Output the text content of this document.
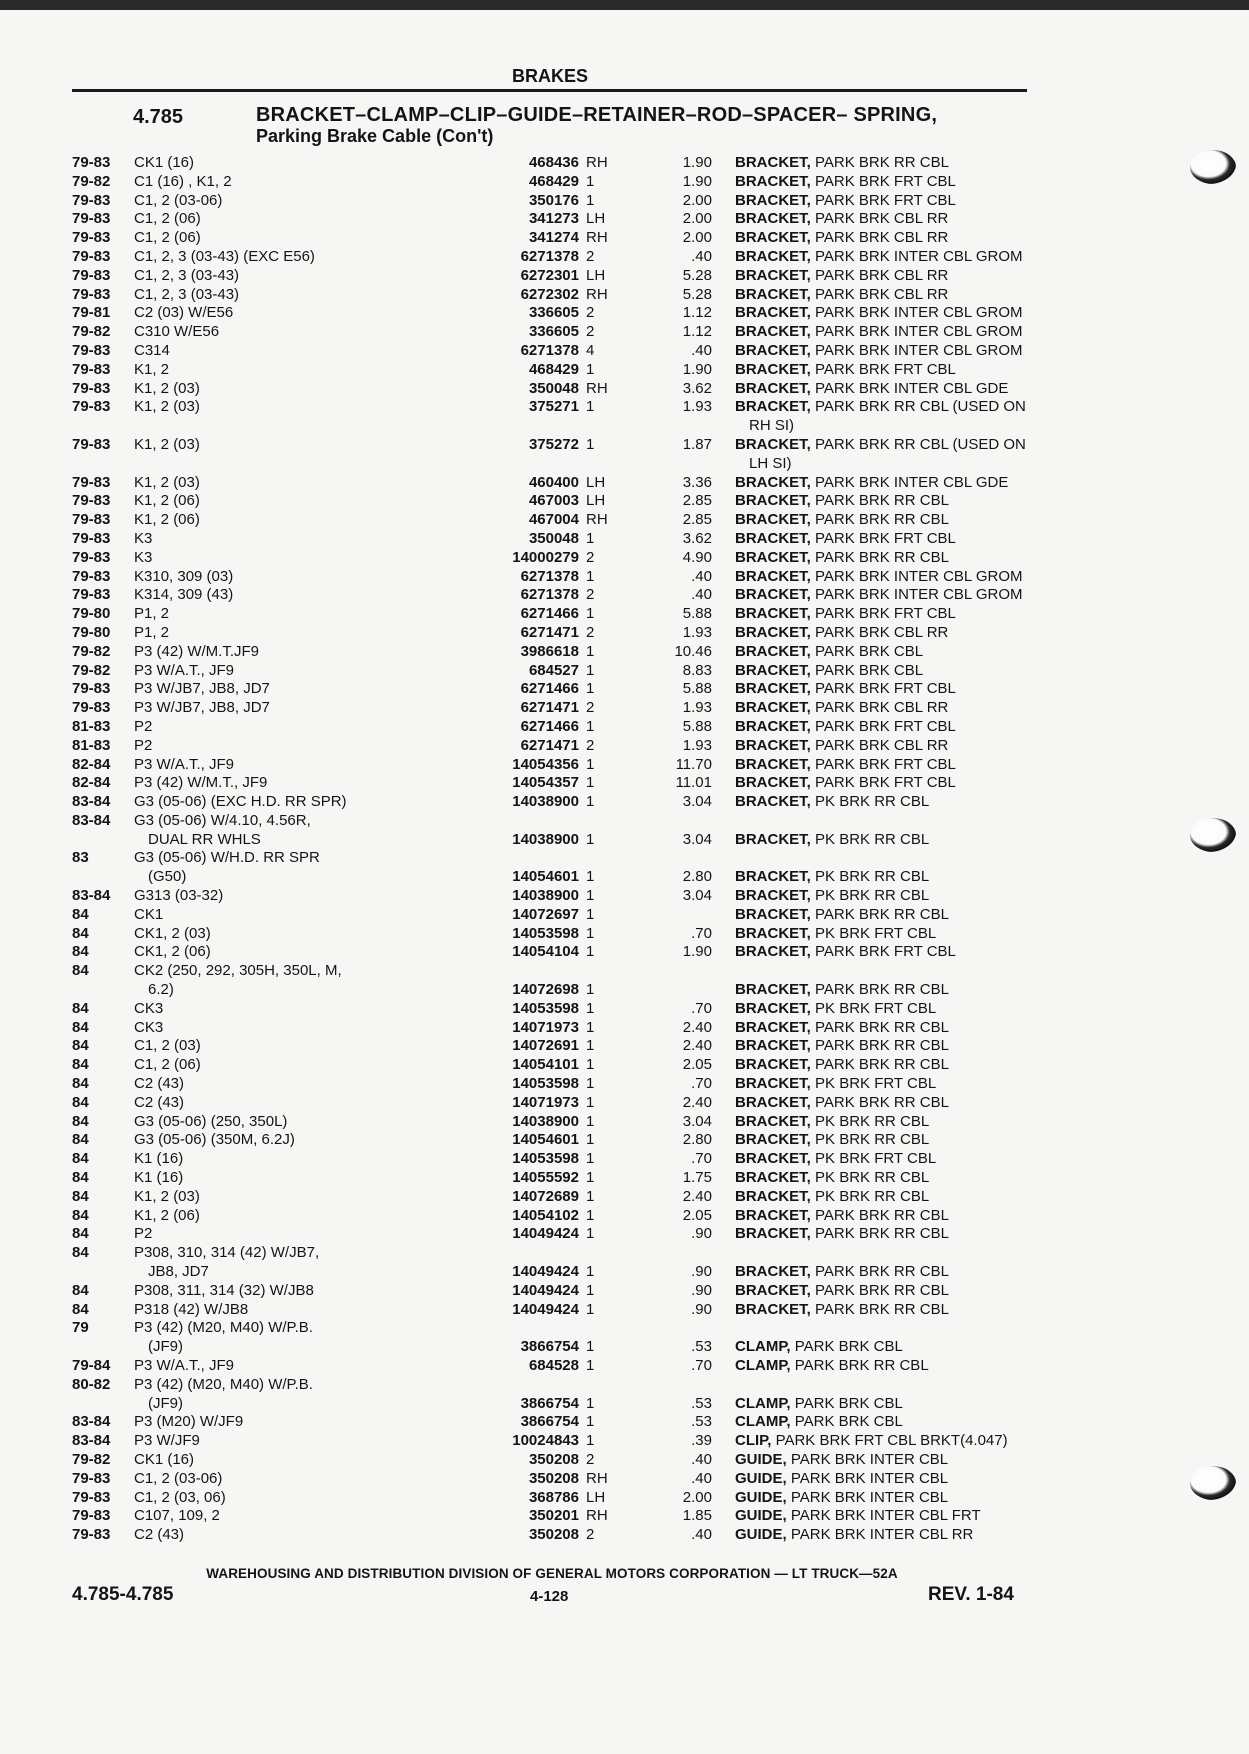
BRAKES
4.785	BRACKET–CLAMP–CLIP–GUIDE–RETAINER–ROD–SPACER– SPRING,
Parking Brake Cable (Con't)
79-83	CK1 (16)	468436 RH	1.90 BRACKET, PARK BRK RR CBL
79-82	C1 (16) , K1, 2	468429 1	1.90 BRACKET, PARK BRK FRT CBL
79-83	C1, 2 (03-06)	350176 1	2.00 BRACKET, PARK BRK FRT CBL
79-83	C1, 2 (06)	341273 LH	2.00 BRACKET, PARK BRK CBL RR
79-83	C1, 2 (06)	341274 RH	2.00 BRACKET, PARK BRK CBL RR
79-83	C1, 2, 3 (03-43) (EXC E56)	6271378 2	.40 BRACKET, PARK BRK INTER CBL GROM
79-83	C1, 2, 3 (03-43)	6272301 LH	5.28 BRACKET, PARK BRK CBL RR
79-83	C1, 2, 3 (03-43)	6272302 RH	5.28 BRACKET, PARK BRK CBL RR
79-81	C2 (03) W/E56	336605 2	1.12 BRACKET, PARK BRK INTER CBL GROM
79-82	C310 W/E56	336605 2	1.12 BRACKET, PARK BRK INTER CBL GROM
79-83	C314	6271378 4	.40 BRACKET, PARK BRK INTER CBL GROM
79-83	K1, 2	468429 1	1.90 BRACKET, PARK BRK FRT CBL
79-83	K1, 2 (03)	350048 RH	3.62 BRACKET, PARK BRK INTER CBL GDE
79-83	K1, 2 (03)	375271 1	1.93 BRACKET, PARK BRK RR CBL (USED ON
RH SI)
79-83	K1, 2 (03)	375272 1	1.87 BRACKET, PARK BRK RR CBL (USED ON
LH SI)
79-83	K1, 2 (03)	460400 LH	3.36 BRACKET, PARK BRK INTER CBL GDE
79-83	K1, 2 (06)	467003 LH	2.85 BRACKET, PARK BRK RR CBL
79-83	K1, 2 (06)	467004 RH	2.85 BRACKET, PARK BRK RR CBL
79-83	K3	350048 1	3.62 BRACKET, PARK BRK FRT CBL
79-83	K3	14000279 2	4.90 BRACKET, PARK BRK RR CBL
79-83	K310, 309 (03)	6271378 1	.40 BRACKET, PARK BRK INTER CBL GROM
79-83	K314, 309 (43)	6271378 2	.40 BRACKET, PARK BRK INTER CBL GROM
79-80	P1, 2	6271466 1	5.88 BRACKET, PARK BRK FRT CBL
79-80	P1, 2	6271471 2	1.93 BRACKET, PARK BRK CBL RR
79-82	P3 (42) W/M.T.JF9	3986618 1	10.46 BRACKET, PARK BRK CBL
79-82	P3 W/A.T., JF9	684527 1	8.83 BRACKET, PARK BRK CBL
79-83	P3 W/JB7, JB8, JD7	6271466 1	5.88 BRACKET, PARK BRK FRT CBL
79-83	P3 W/JB7, JB8, JD7	6271471 2	1.93 BRACKET, PARK BRK CBL RR
81-83	P2	6271466 1	5.88 BRACKET, PARK BRK FRT CBL
81-83	P2	6271471 2	1.93 BRACKET, PARK BRK CBL RR
82-84	P3 W/A.T., JF9	14054356 1	11.70 BRACKET, PARK BRK FRT CBL
82-84	P3 (42) W/M.T., JF9	14054357 1	11.01 BRACKET, PARK BRK FRT CBL
83-84	G3 (05-06) (EXC H.D. RR SPR)	14038900 1	3.04 BRACKET, PK BRK RR CBL
83-84	G3 (05-06) W/4.10, 4.56R,
DUAL RR WHLS	14038900 1	3.04 BRACKET, PK BRK RR CBL
83	G3 (05-06) W/H.D. RR SPR
(G50)	14054601 1	2.80 BRACKET, PK BRK RR CBL
83-84	G313 (03-32)	14038900 1	3.04 BRACKET, PK BRK RR CBL
84	CK1	14072697 1	BRACKET, PARK BRK RR CBL
84	CK1, 2 (03)	14053598 1	.70 BRACKET, PK BRK FRT CBL
84	CK1, 2 (06)	14054104 1	1.90 BRACKET, PARK BRK FRT CBL
84	CK2 (250, 292, 305H, 350L, M,
6.2)	14072698 1	BRACKET, PARK BRK RR CBL
84	CK3	14053598 1	.70 BRACKET, PK BRK FRT CBL
84	CK3	14071973 1	2.40 BRACKET, PARK BRK RR CBL
84	C1, 2 (03)	14072691 1	2.40 BRACKET, PARK BRK RR CBL
84	C1, 2 (06)	14054101 1	2.05 BRACKET, PARK BRK RR CBL
84	C2 (43)	14053598 1	.70 BRACKET, PK BRK FRT CBL
84	C2 (43)	14071973 1	2.40 BRACKET, PARK BRK RR CBL
84	G3 (05-06) (250, 350L)	14038900 1	3.04 BRACKET, PK BRK RR CBL
84	G3 (05-06) (350M, 6.2J)	14054601 1	2.80 BRACKET, PK BRK RR CBL
84	K1 (16)	14053598 1	.70 BRACKET, PK BRK FRT CBL
84	K1 (16)	14055592 1	1.75 BRACKET, PK BRK RR CBL
84	K1, 2 (03)	14072689 1	2.40 BRACKET, PK BRK RR CBL
84	K1, 2 (06)	14054102 1	2.05 BRACKET, PARK BRK RR CBL
84	P2	14049424 1	.90 BRACKET, PARK BRK RR CBL
84	P308, 310, 314 (42) W/JB7,
JB8, JD7	14049424 1	.90 BRACKET, PARK BRK RR CBL
84	P308, 311, 314 (32) W/JB8	14049424 1	.90 BRACKET, PARK BRK RR CBL
84	P318 (42) W/JB8	14049424 1	.90 BRACKET, PARK BRK RR CBL
79	P3 (42) (M20, M40) W/P.B.
(JF9)	3866754 1	.53 CLAMP, PARK BRK CBL
79-84	P3 W/A.T., JF9	684528 1	.70 CLAMP, PARK BRK RR CBL
80-82	P3 (42) (M20, M40) W/P.B.
(JF9)	3866754 1	.53 CLAMP, PARK BRK CBL
83-84	P3 (M20) W/JF9	3866754 1	.53 CLAMP, PARK BRK CBL
83-84	P3 W/JF9	10024843 1	.39 CLIP, PARK BRK FRT CBL BRKT(4.047)
79-82	CK1 (16)	350208 2	.40 GUIDE, PARK BRK INTER CBL
79-83	C1, 2 (03-06)	350208 RH	.40 GUIDE, PARK BRK INTER CBL
79-83	C1, 2 (03, 06)	368786 LH	2.00 GUIDE, PARK BRK INTER CBL
79-83	C107, 109, 2	350201 RH	1.85 GUIDE, PARK BRK INTER CBL FRT
79-83	C2 (43)	350208 2	.40 GUIDE, PARK BRK INTER CBL RR
WAREHOUSING AND DISTRIBUTION DIVISION OF GENERAL MOTORS CORPORATION — LT TRUCK—52A
4.785-4.785	4-128	REV. 1-84
